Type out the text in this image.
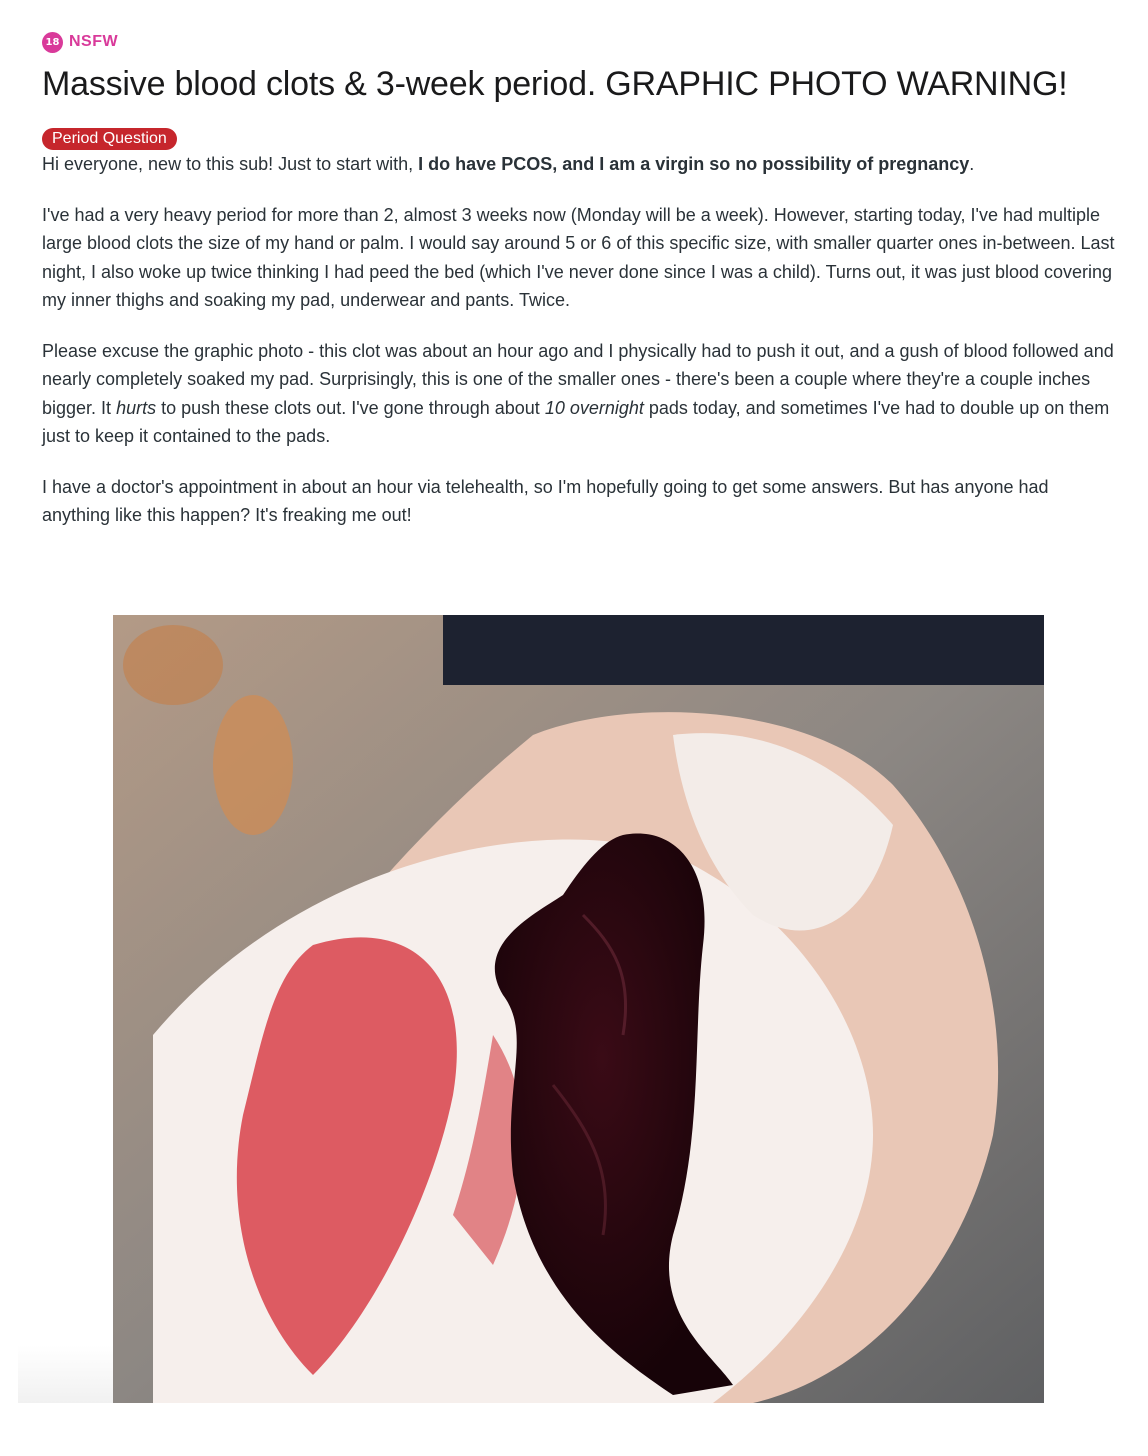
18 NSFW
Massive blood clots & 3-week period. GRAPHIC PHOTO WARNING!
Period Question

Hi everyone, new to this sub! Just to start with, I do have PCOS, and I am a virgin so no possibility of pregnancy.

I've had a very heavy period for more than 2, almost 3 weeks now (Monday will be a week). However, starting today, I've had multiple large blood clots the size of my hand or palm. I would say around 5 or 6 of this specific size, with smaller quarter ones in-between. Last night, I also woke up twice thinking I had peed the bed (which I've never done since I was a child). Turns out, it was just blood covering my inner thighs and soaking my pad, underwear and pants. Twice.

Please excuse the graphic photo - this clot was about an hour ago and I physically had to push it out, and a gush of blood followed and nearly completely soaked my pad. Surprisingly, this is one of the smaller ones - there's been a couple where they're a couple inches bigger. It hurts to push these clots out. I've gone through about 10 overnight pads today, and sometimes I've had to double up on them just to keep it contained to the pads.

I have a doctor's appointment in about an hour via telehealth, so I'm hopefully going to get some answers. But has anyone had anything like this happen? It's freaking me out!
